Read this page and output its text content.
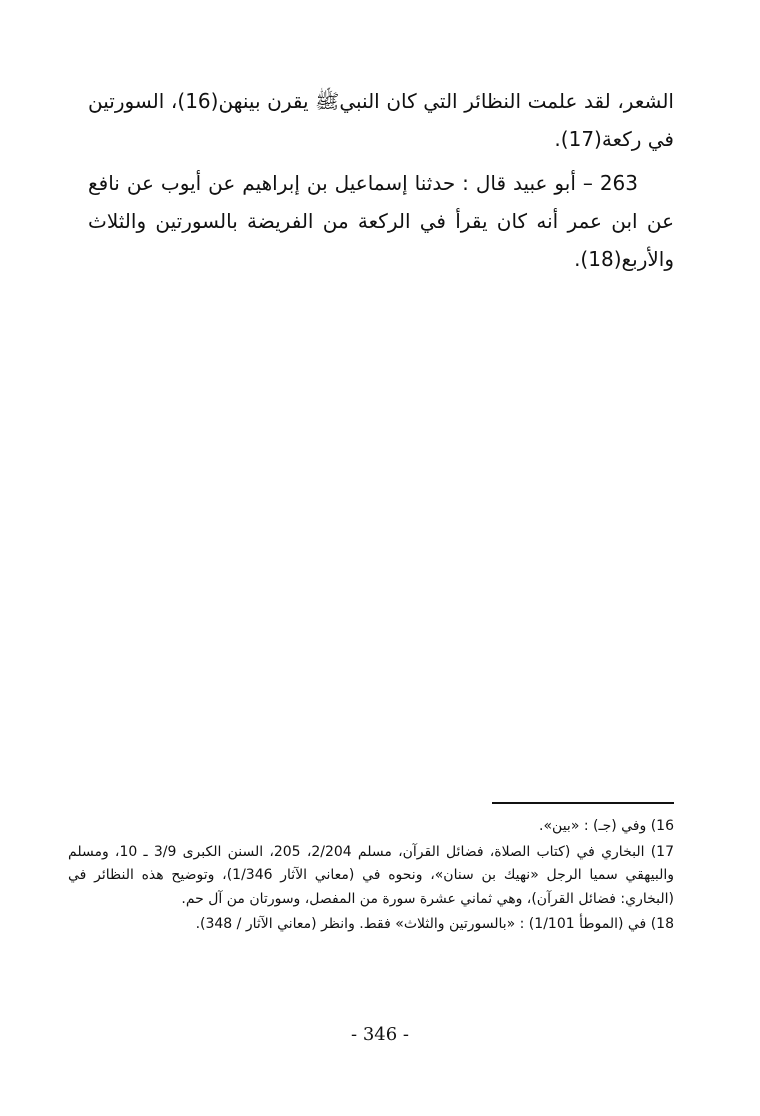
الشعر، لقد علمت النظائر التي كان النبيﷺ يقرن بينهن(16)، السورتين في ركعة(17).

263 – أبو عبيد قال : حدثنا إسماعيل بن إبراهيم عن أيوب عن نافع عن ابن عمر أنه كان يقرأ في الركعة من الفريضة بالسورتين والثلاث والأربع(18).

16) وفي (جـ) : «بين».

17) البخاري في (كتاب الصلاة، فضائل القرآن، مسلم 2/204، 205، السنن الكبرى 3/9 ـ 10، ومسلم والبيهقي سميا الرجل «نهيك بن سنان»، ونحوه في (معاني الآثار 1/346)، وتوضيح هذه النظائر في (البخاري: فضائل القرآن)، وهي ثماني عشرة سورة من المفصل، وسورتان من آل حم.

18) في (الموطأ 1/101) : «بالسورتين والثلاث» فقط. وانظر (معاني الآثار / 348).

- 346 -
